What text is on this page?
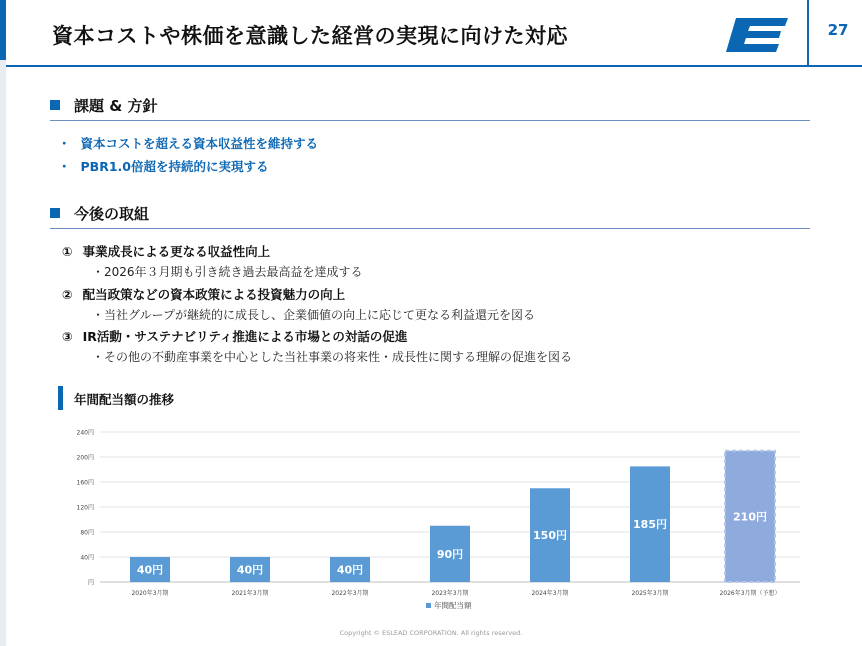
資本コストや株価を意識した経営の実現に向けた対応	27
課題 & 方針
・ 資本コストを超える資本収益性を維持する
・ PBR1.0倍超を持続的に実現する
今後の取組
① 事業成長による更なる収益性向上
・2026年３月期も引き続き過去最高益を達成する
② 配当政策などの資本政策による投資魅力の向上
・当社グループが継続的に成長し、企業価値の向上に応じて更なる利益還元を図る
③ IR活動・サステナビリティ推進による市場との対話の促進
・その他の不動産事業を中心とした当社事業の将来性・成長性に関する理解の促進を図る
年間配当額の推移
円
40円
80円
120円
160円
200円
240円
40円
2020年3月期
40円
2021年3月期
40円
2022年3月期
90円
2023年3月期
150円
2024年3月期
185円
2025年3月期
210円
2026年3月期（予想）
年間配当額
Copyright © ESLEAD CORPORATION. All rights reserved.
